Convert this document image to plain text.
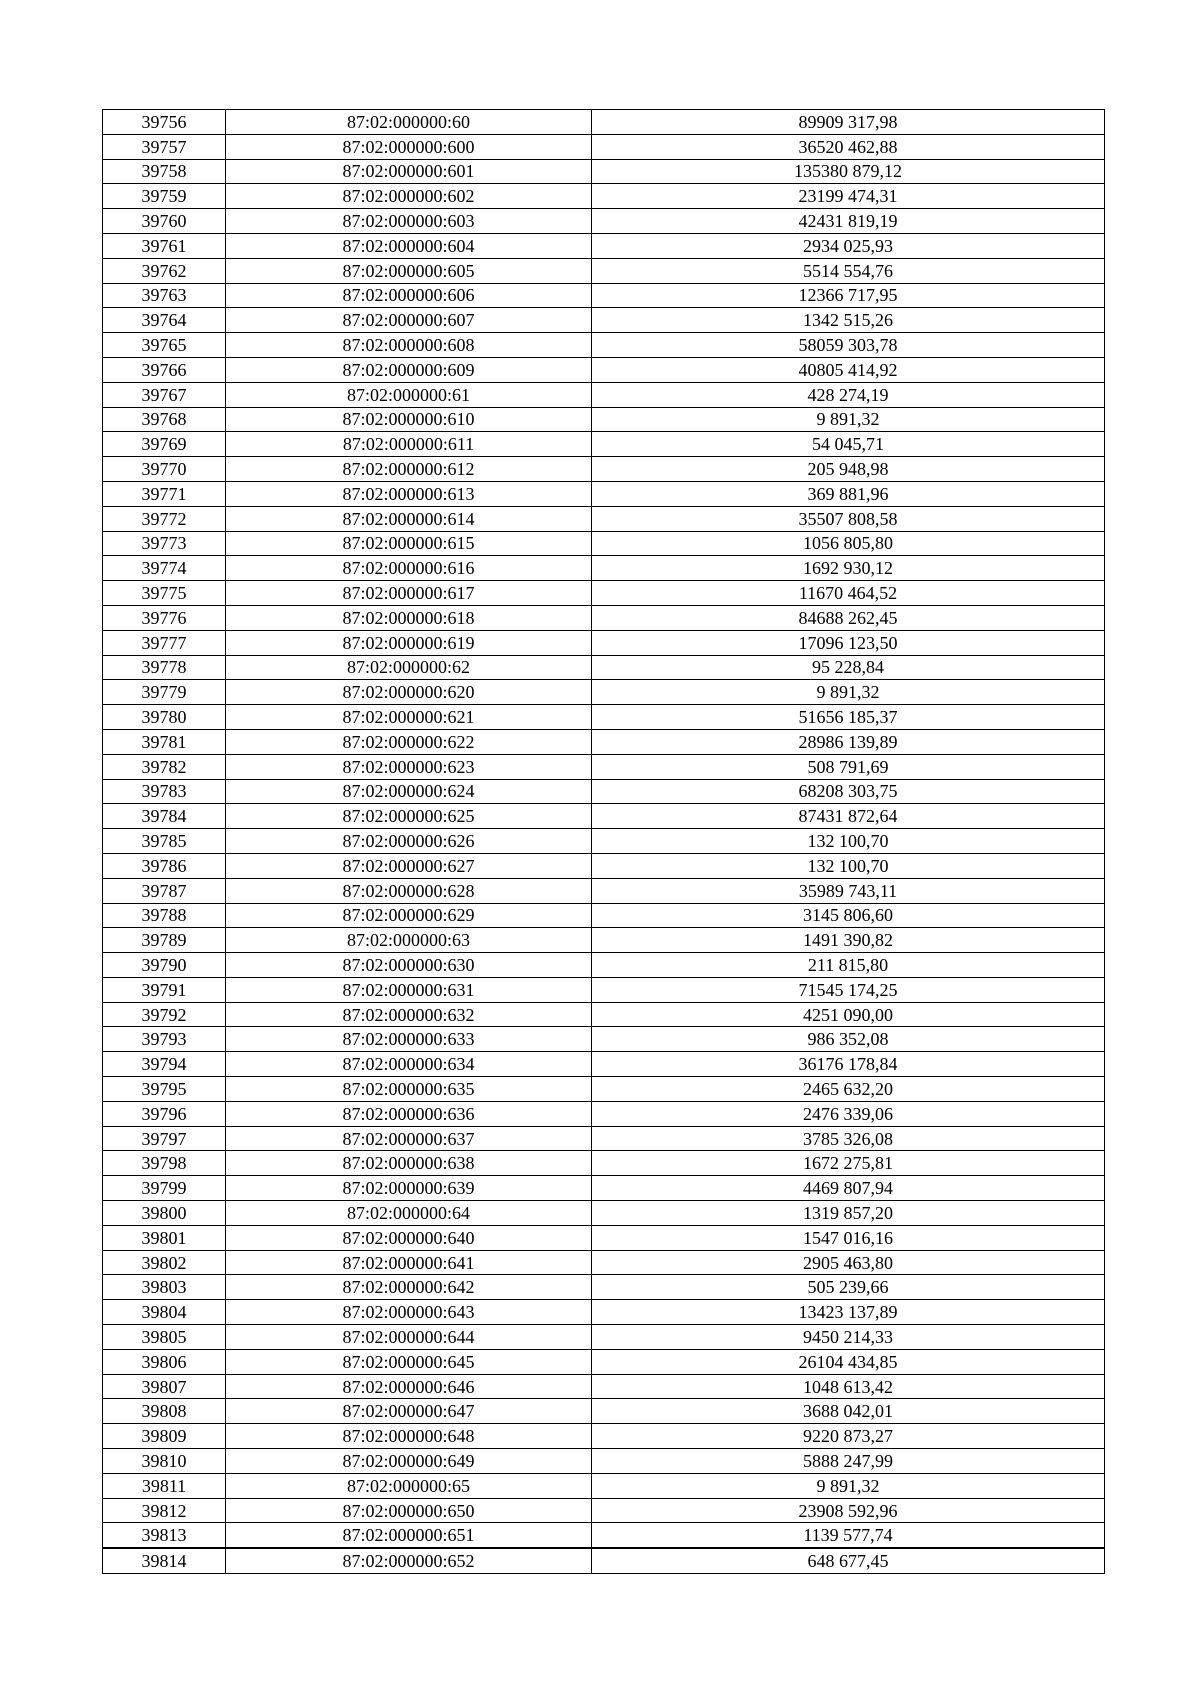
39756	87:02:000000:60	89909 317,98
39757	87:02:000000:600	36520 462,88
39758	87:02:000000:601	135380 879,12
39759	87:02:000000:602	23199 474,31
39760	87:02:000000:603	42431 819,19
39761	87:02:000000:604	2934 025,93
39762	87:02:000000:605	5514 554,76
39763	87:02:000000:606	12366 717,95
39764	87:02:000000:607	1342 515,26
39765	87:02:000000:608	58059 303,78
39766	87:02:000000:609	40805 414,92
39767	87:02:000000:61	428 274,19
39768	87:02:000000:610	9 891,32
39769	87:02:000000:611	54 045,71
39770	87:02:000000:612	205 948,98
39771	87:02:000000:613	369 881,96
39772	87:02:000000:614	35507 808,58
39773	87:02:000000:615	1056 805,80
39774	87:02:000000:616	1692 930,12
39775	87:02:000000:617	11670 464,52
39776	87:02:000000:618	84688 262,45
39777	87:02:000000:619	17096 123,50
39778	87:02:000000:62	95 228,84
39779	87:02:000000:620	9 891,32
39780	87:02:000000:621	51656 185,37
39781	87:02:000000:622	28986 139,89
39782	87:02:000000:623	508 791,69
39783	87:02:000000:624	68208 303,75
39784	87:02:000000:625	87431 872,64
39785	87:02:000000:626	132 100,70
39786	87:02:000000:627	132 100,70
39787	87:02:000000:628	35989 743,11
39788	87:02:000000:629	3145 806,60
39789	87:02:000000:63	1491 390,82
39790	87:02:000000:630	211 815,80
39791	87:02:000000:631	71545 174,25
39792	87:02:000000:632	4251 090,00
39793	87:02:000000:633	986 352,08
39794	87:02:000000:634	36176 178,84
39795	87:02:000000:635	2465 632,20
39796	87:02:000000:636	2476 339,06
39797	87:02:000000:637	3785 326,08
39798	87:02:000000:638	1672 275,81
39799	87:02:000000:639	4469 807,94
39800	87:02:000000:64	1319 857,20
39801	87:02:000000:640	1547 016,16
39802	87:02:000000:641	2905 463,80
39803	87:02:000000:642	505 239,66
39804	87:02:000000:643	13423 137,89
39805	87:02:000000:644	9450 214,33
39806	87:02:000000:645	26104 434,85
39807	87:02:000000:646	1048 613,42
39808	87:02:000000:647	3688 042,01
39809	87:02:000000:648	9220 873,27
39810	87:02:000000:649	5888 247,99
39811	87:02:000000:65	9 891,32
39812	87:02:000000:650	23908 592,96
39813	87:02:000000:651	1139 577,74
39814	87:02:000000:652	648 677,45
